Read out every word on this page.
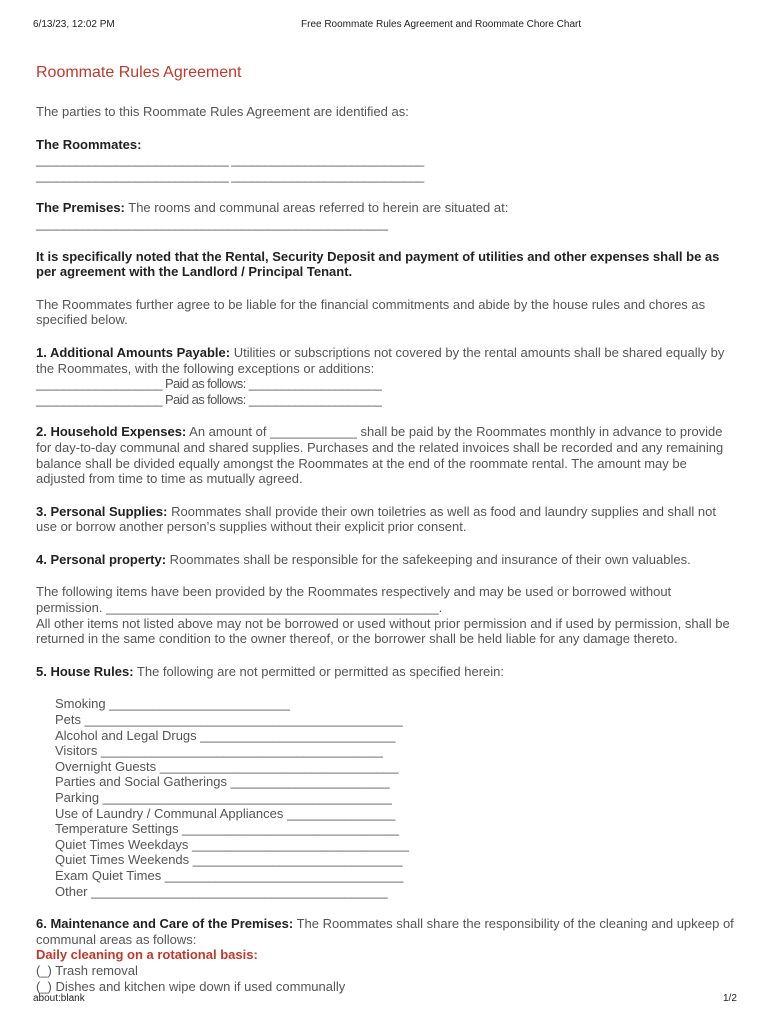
6/13/23, 12:02 PM	Free Roommate Rules Agreement and Roommate Chore Chart
Roommate Rules Agreement

The parties to this Roommate Rules Agreement are identified as:

The Roommates:
_____________________________ _____________________________
_____________________________ _____________________________

The Premises: The rooms and communal areas referred to herein are situated at:
_____________________________________________________

It is specifically noted that the Rental, Security Deposit and payment of utilities and other expenses shall be as per agreement with the Landlord / Principal Tenant.

The Roommates further agree to be liable for the financial commitments and abide by the house rules and chores as specified below.

1. Additional Amounts Payable: Utilities or subscriptions not covered by the rental amounts shall be shared equally by the Roommates, with the following exceptions or additions:
___________________ Paid as follows: ____________________
___________________ Paid as follows: ____________________

2. Household Expenses: An amount of ____________ shall be paid by the Roommates monthly in advance to provide for day-to-day communal and shared supplies. Purchases and the related invoices shall be recorded and any remaining balance shall be divided equally amongst the Roommates at the end of the roommate rental. The amount may be adjusted from time to time as mutually agreed.

3. Personal Supplies: Roommates shall provide their own toiletries as well as food and laundry supplies and shall not use or borrow another person’s supplies without their explicit prior consent.

4. Personal property: Roommates shall be responsible for the safekeeping and insurance of their own valuables.

The following items have been provided by the Roommates respectively and may be used or borrowed without permission. ______________________________________________.
All other items not listed above may not be borrowed or used without prior permission and if used by permission, shall be returned in the same condition to the owner thereof, or the borrower shall be held liable for any damage thereto.

5. House Rules: The following are not permitted or permitted as specified herein:

Smoking _________________________
Pets ____________________________________________
Alcohol and Legal Drugs ___________________________
Visitors _______________________________________
Overnight Guests _________________________________
Parties and Social Gatherings ______________________
Parking ________________________________________
Use of Laundry / Communal Appliances _______________
Temperature Settings ______________________________
Quiet Times Weekdays ______________________________
Quiet Times Weekends _____________________________
Exam Quiet Times _________________________________
Other _________________________________________

6. Maintenance and Care of the Premises: The Roommates shall share the responsibility of the cleaning and upkeep of communal areas as follows:
Daily cleaning on a rotational basis:
(_) Trash removal
(_) Dishes and kitchen wipe down if used communally

about:blank	1/2
